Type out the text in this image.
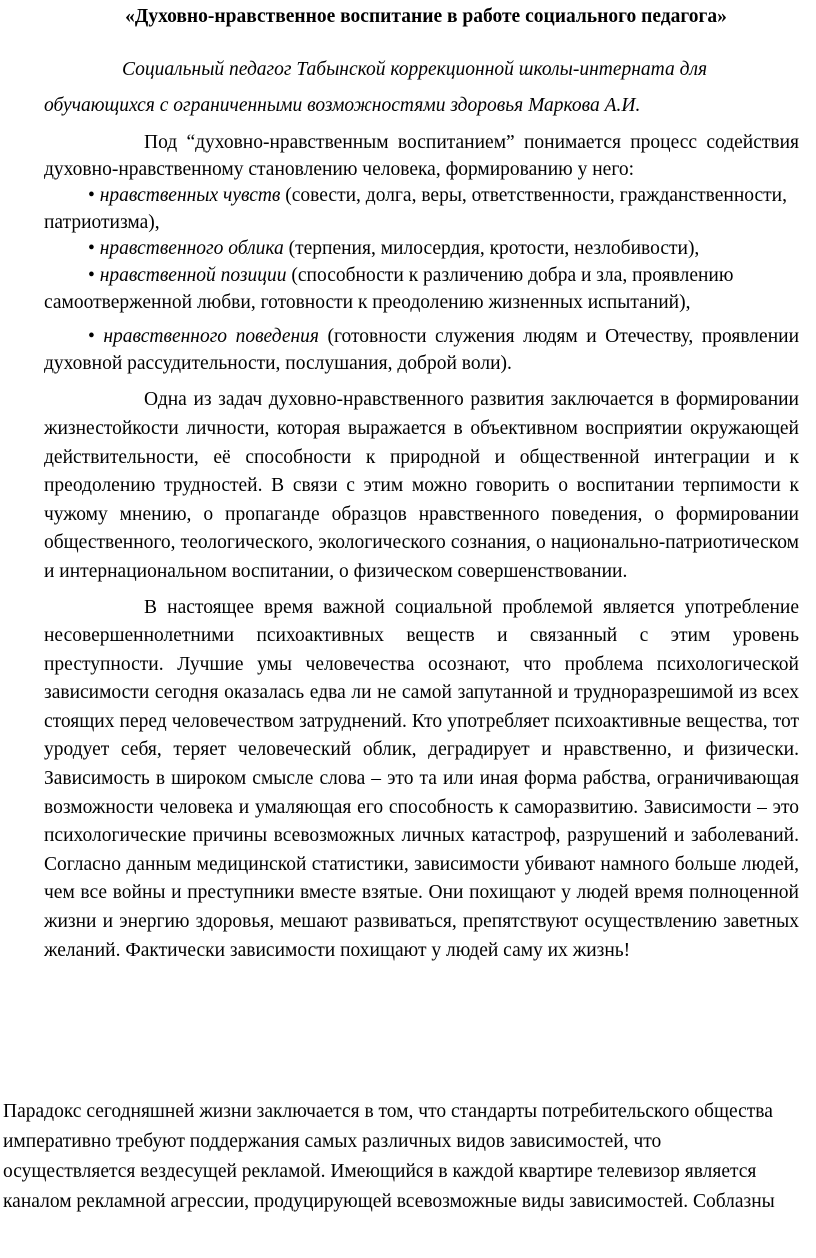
«Духовно-нравственное воспитание в работе социального педагога»
Социальный педагог Табынской коррекционной школы-интерната для
обучающихся с ограниченными возможностями здоровья Маркова А.И.

Под “духовно-нравственным воспитанием” понимается процесс содействия духовно-нравственному становлению человека, формированию у него:

• нравственных чувств (совести, долга, веры, ответственности, гражданственности, патриотизма),

• нравственного облика (терпения, милосердия, кротости, незлобивости),

• нравственной позиции (способности к различению добра и зла, проявлению самоотверженной любви, готовности к преодолению жизненных испытаний),

• нравственного поведения (готовности служения людям и Отечеству, проявлении духовной рассудительности, послушания, доброй воли).

Одна из задач духовно-нравственного развития заключается в формировании жизнестойкости личности, которая выражается в объективном восприятии окружающей действительности, её способности к природной и общественной интеграции и к преодолению трудностей. В связи с этим можно говорить о воспитании терпимости к чужому мнению, о пропаганде образцов нравственного поведения, о формировании общественного, теологического, экологического сознания, о национально-патриотическом и интернациональном воспитании, о физическом совершенствовании.

В настоящее время важной социальной проблемой является употребление несовершеннолетними психоактивных веществ и связанный с этим уровень преступности. Лучшие умы человечества осознают, что проблема психологической зависимости сегодня оказалась едва ли не самой запутанной и трудноразрешимой из всех стоящих перед человечеством затруднений. Кто употребляет психоактивные вещества, тот уродует себя, теряет человеческий облик, деградирует и нравственно, и физически. Зависимость в широком смысле слова – это та или иная форма рабства, ограничивающая возможности человека и умаляющая его способность к саморазвитию. Зависимости – это психологические причины всевозможных личных катастроф, разрушений и заболеваний. Согласно данным медицинской статистики, зависимости убивают намного больше людей, чем все войны и преступники вместе взятые. Они похищают у людей время полноценной жизни и энергию здоровья, мешают развиваться, препятствуют осуществлению заветных желаний. Фактически зависимости похищают у людей саму их жизнь!

Парадокс сегодняшней жизни заключается в том, что стандарты потребительского общества императивно требуют поддержания самых различных видов зависимостей, что осуществляется вездесущей рекламой. Имеющийся в каждой квартире телевизор является каналом рекламной агрессии, продуцирующей всевозможные виды зависимостей. Соблазны
